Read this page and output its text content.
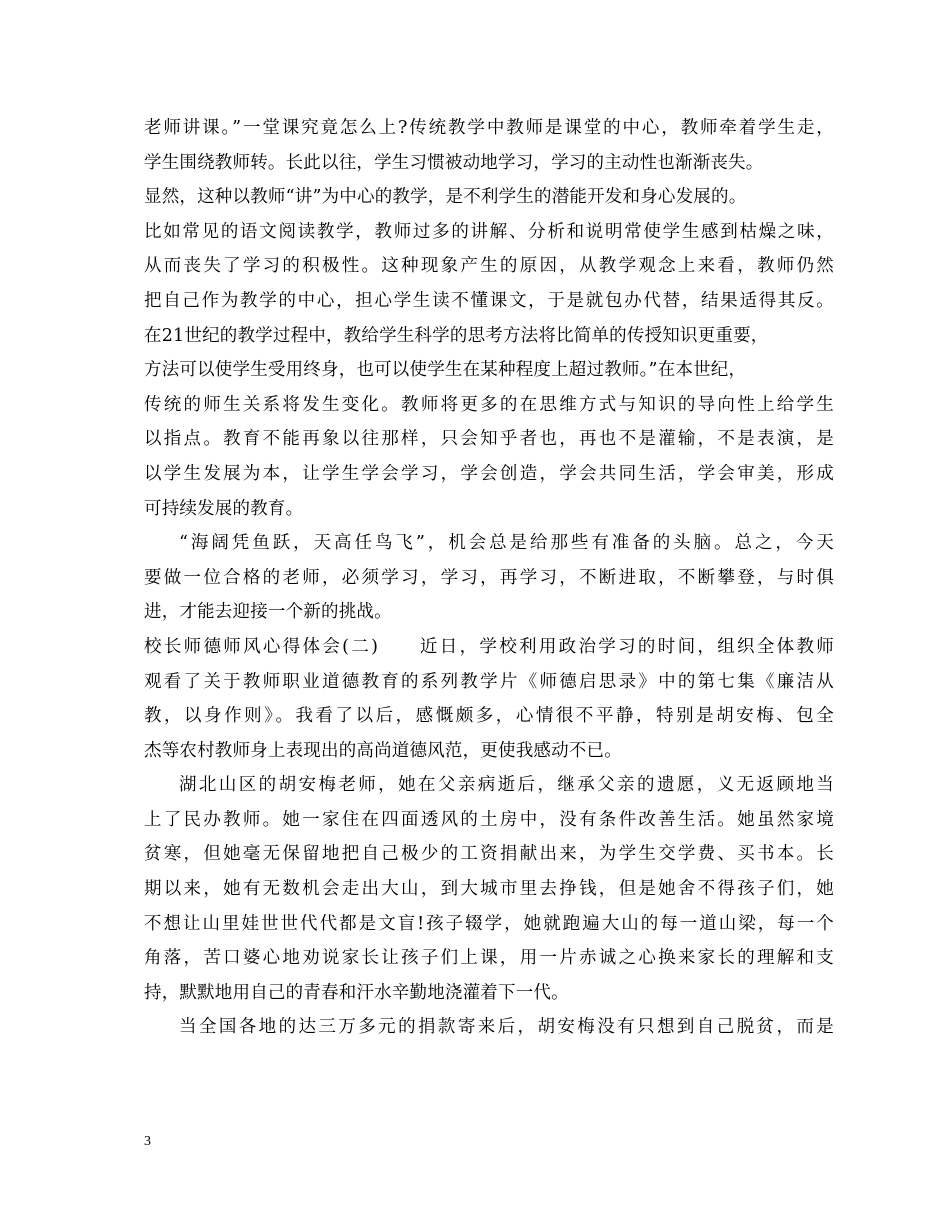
老师讲课。”一堂课究竟怎么上?传统教学中教师是课堂的中心，教师牵着学生走，
学生围绕教师转。长此以往，学生习惯被动地学习，学习的主动性也渐渐丧失。
显然，这种以教师“讲”为中心的教学，是不利学生的潜能开发和身心发展的。
比如常见的语文阅读教学，教师过多的讲解、分析和说明常使学生感到枯燥之味，
从而丧失了学习的积极性。这种现象产生的原因，从教学观念上来看，教师仍然
把自己作为教学的中心，担心学生读不懂课文，于是就包办代替，结果适得其反。
在21世纪的教学过程中，教给学生科学的思考方法将比简单的传授知识更重要，
方法可以使学生受用终身，也可以使学生在某种程度上超过教师。”在本世纪，
传统的师生关系将发生变化。教师将更多的在思维方式与知识的导向性上给学生
以指点。教育不能再象以往那样，只会知乎者也，再也不是灌输，不是表演，是
以学生发展为本，让学生学会学习，学会创造，学会共同生活，学会审美，形成
可持续发展的教育。
“海阔凭鱼跃，天高任鸟飞”，机会总是给那些有准备的头脑。总之，今天
要做一位合格的老师，必须学习，学习，再学习，不断进取，不断攀登，与时俱
进，才能去迎接一个新的挑战。
校长师德师风心得体会(二)　　近日，学校利用政治学习的时间，组织全体教师
观看了关于教师职业道德教育的系列教学片《师德启思录》中的第七集《廉洁从
教，以身作则》。我看了以后，感慨颇多，心情很不平静，特别是胡安梅、包全
杰等农村教师身上表现出的高尚道德风范，更使我感动不已。
湖北山区的胡安梅老师，她在父亲病逝后，继承父亲的遗愿，义无返顾地当
上了民办教师。她一家住在四面透风的土房中，没有条件改善生活。她虽然家境
贫寒，但她毫无保留地把自己极少的工资捐献出来，为学生交学费、买书本。长
期以来，她有无数机会走出大山，到大城市里去挣钱，但是她舍不得孩子们，她
不想让山里娃世世代代都是文盲!孩子辍学，她就跑遍大山的每一道山梁，每一个
角落，苦口婆心地劝说家长让孩子们上课，用一片赤诚之心换来家长的理解和支
持，默默地用自己的青春和汗水辛勤地浇灌着下一代。
当全国各地的达三万多元的捐款寄来后，胡安梅没有只想到自己脱贫，而是
3
